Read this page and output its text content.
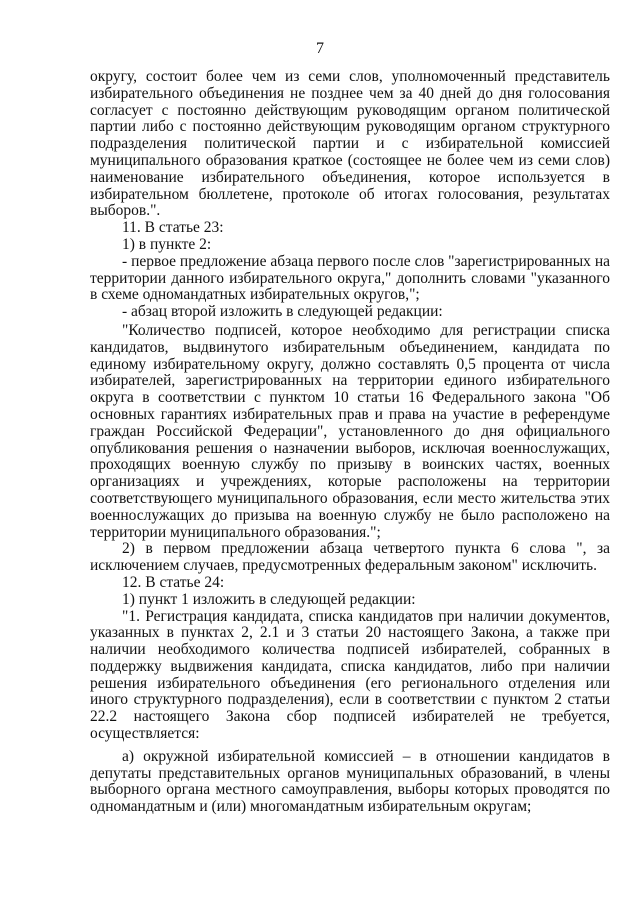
7

округу, состоит более чем из семи слов, уполномоченный представитель избирательного объединения не позднее чем за 40 дней до дня голосования согласует с постоянно действующим руководящим органом политической партии либо с постоянно действующим руководящим органом структурного подразделения политической партии и с избирательной комиссией муниципального образования краткое (состоящее не более чем из семи слов) наименование избирательного объединения, которое используется в избирательном бюллетене, протоколе об итогах голосования, результатах выборов.".

11. В статье 23:

1) в пункте 2:

- первое предложение абзаца первого после слов "зарегистрированных на территории данного избирательного округа," дополнить словами "указанного в схеме одномандатных избирательных округов,";

- абзац второй изложить в следующей редакции:

"Количество подписей, которое необходимо для регистрации списка кандидатов, выдвинутого избирательным объединением, кандидата по единому избирательному округу, должно составлять 0,5 процента от числа избирателей, зарегистрированных на территории единого избирательного округа в соответствии с пунктом 10 статьи 16 Федерального закона "Об основных гарантиях избирательных прав и права на участие в референдуме граждан Российской Федерации", установленного до дня официального опубликования решения о назначении выборов, исключая военнослужащих, проходящих военную службу по призыву в воинских частях, военных организациях и учреждениях, которые расположены на территории соответствующего муниципального образования, если место жительства этих военнослужащих до призыва на военную службу не было расположено на территории муниципального образования.";

2) в первом предложении абзаца четвертого пункта 6 слова ", за исключением случаев, предусмотренных федеральным законом" исключить.

12. В статье 24:

1) пункт 1 изложить в следующей редакции:

"1. Регистрация кандидата, списка кандидатов при наличии документов, указанных в пунктах 2, 2.1 и 3 статьи 20 настоящего Закона, а также при наличии необходимого количества подписей избирателей, собранных в поддержку выдвижения кандидата, списка кандидатов, либо при наличии решения избирательного объединения (его регионального отделения или иного структурного подразделения), если в соответствии с пунктом 2 статьи 22.2 настоящего Закона сбор подписей избирателей не требуется, осуществляется:

а) окружной избирательной комиссией – в отношении кандидатов в депутаты представительных органов муниципальных образований, в члены выборного органа местного самоуправления, выборы которых проводятся по одномандатным и (или) многомандатным избирательным округам;
